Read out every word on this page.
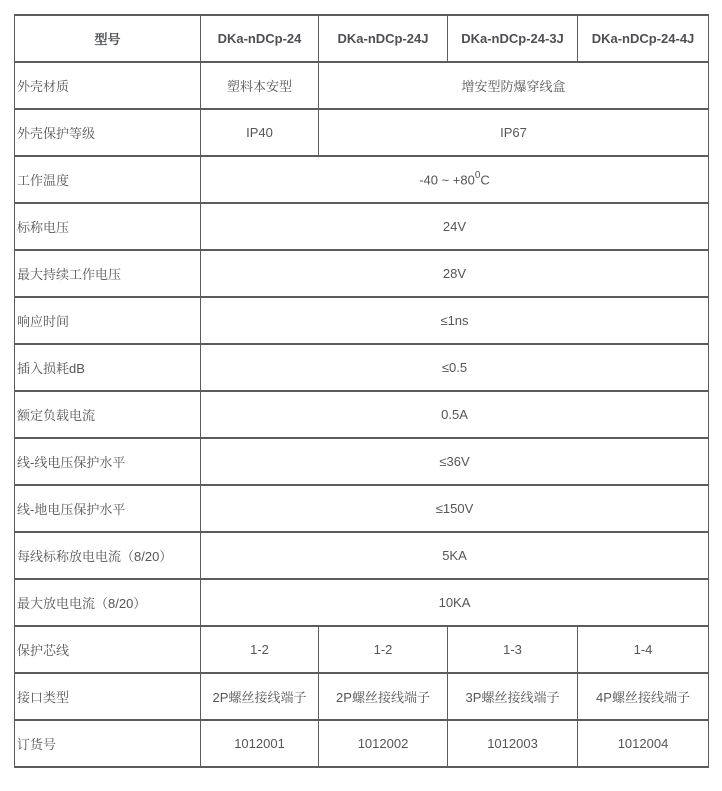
型号	DKa-nDCp-24	DKa-nDCp-24J	DKa-nDCp-24-3J	DKa-nDCp-24-4J
外壳材质	塑料本安型	增安型防爆穿线盒		
外壳保护等级	IP40	IP67		
工作温度	-40 ~ $+80^0C$			
标称电压	24V			
最大持续工作电压	28V			
响应时间	≤1ns			
插入损耗dB	≤0.5			
额定负载电流	0.5A			
线-线电压保护水平	≤36V			
线-地电压保护水平	≤150V			
每线标称放电电流（8/20）	5KA			
最大放电电流（8/20）	10KA			
保护芯线	1-2	1-2	1-3	1-4
接口类型	2P螺丝接线端子	2P螺丝接线端子	3P螺丝接线端子	4P螺丝接线端子
订货号	1012001	1012002	1012003	1012004
